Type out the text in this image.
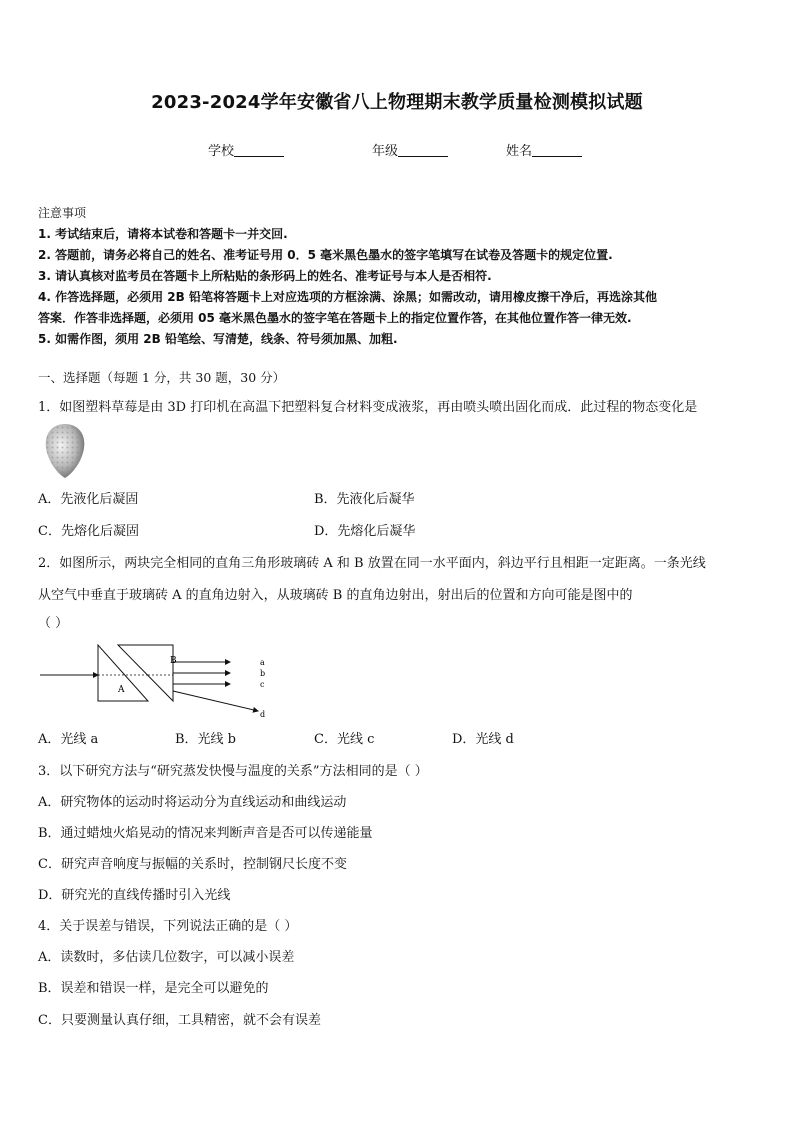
2023-2024学年安徽省八上物理期末教学质量检测模拟试题
学校	年级	姓名
注意事项
1. 考试结束后，请将本试卷和答题卡一并交回.
2. 答题前，请务必将自己的姓名、准考证号用 0．5 毫米黑色墨水的签字笔填写在试卷及答题卡的规定位置.
3. 请认真核对监考员在答题卡上所粘贴的条形码上的姓名、准考证号与本人是否相符.
4. 作答选择题，必须用 2B 铅笔将答题卡上对应选项的方框涂满、涂黑；如需改动，请用橡皮擦干净后，再选涂其他
答案．作答非选择题，必须用 05 毫米黑色墨水的签字笔在答题卡上的指定位置作答，在其他位置作答一律无效.
5. 如需作图，须用 2B 铅笔绘、写清楚，线条、符号须加黑、加粗.
一、选择题（每题 1 分，共 30 题，30 分）
1．如图塑料草莓是由 3D 打印机在高温下把塑料复合材料变成液浆，再由喷头喷出固化而成．此过程的物态变化是
A．先液化后凝固	B．先液化后凝华
C．先熔化后凝固	D．先熔化后凝华
2．如图所示，两块完全相同的直角三角形玻璃砖 A 和 B 放置在同一水平面内，斜边平行且相距一定距离。一条光线
从空气中垂直于玻璃砖 A 的直角边射入，从玻璃砖 B 的直角边射出，射出后的位置和方向可能是图中的
（ ）
A
B	a
b
c
d
A．光线 a	B．光线 b	C．光线 c	D．光线 d
3．以下研究方法与“研究蒸发快慢与温度的关系”方法相同的是（ ）
A．研究物体的运动时将运动分为直线运动和曲线运动
B．通过蜡烛火焰晃动的情况来判断声音是否可以传递能量
C．研究声音响度与振幅的关系时，控制钢尺长度不变
D．研究光的直线传播时引入光线
4．关于误差与错误，下列说法正确的是（ ）
A．读数时，多估读几位数字，可以减小误差
B．误差和错误一样，是完全可以避免的
C．只要测量认真仔细，工具精密，就不会有误差
